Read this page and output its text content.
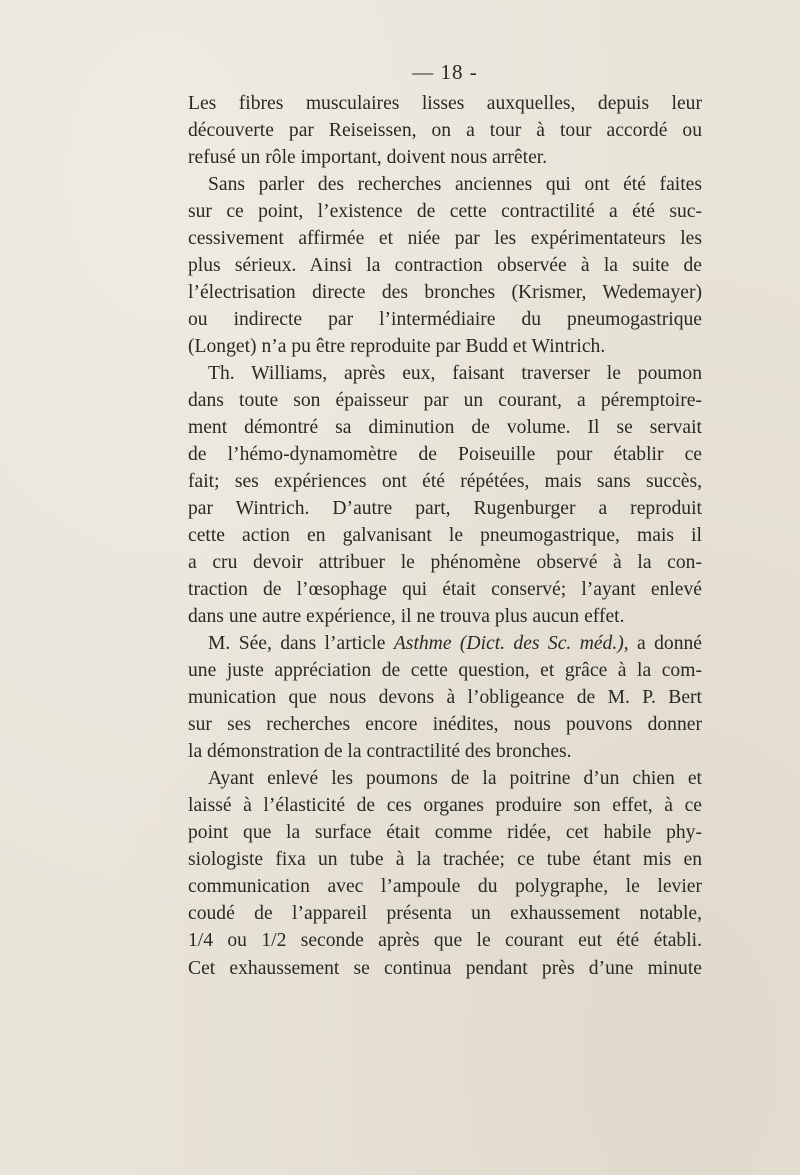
— 18 -
Les fibres musculaires lisses auxquelles, depuis leur
découverte par Reiseissen, on a tour à tour accordé ou
refusé un rôle important, doivent nous arrêter.
Sans parler des recherches anciennes qui ont été faites
sur ce point, l’existence de cette contractilité a été suc-
cessivement affirmée et niée par les expérimentateurs les
plus sérieux. Ainsi la contraction observée à la suite de
l’électrisation directe des bronches (Krismer, Wedemayer)
ou indirecte par l’intermédiaire du pneumogastrique
(Longet) n’a pu être reproduite par Budd et Wintrich.
Th. Williams, après eux, faisant traverser le poumon
dans toute son épaisseur par un courant, a péremptoire-
ment démontré sa diminution de volume. Il se servait
de l’hémo-dynamomètre de Poiseuille pour établir ce
fait; ses expériences ont été répétées, mais sans succès,
par Wintrich. D’autre part, Rugenburger a reproduit
cette action en galvanisant le pneumogastrique, mais il
a cru devoir attribuer le phénomène observé à la con-
traction de l’œsophage qui était conservé; l’ayant enlevé
dans une autre expérience, il ne trouva plus aucun effet.
M. Sée, dans l’article Asthme (Dict. des Sc. méd.), a donné
une juste appréciation de cette question, et grâce à la com-
munication que nous devons à l’obligeance de M. P. Bert
sur ses recherches encore inédites, nous pouvons donner
la démonstration de la contractilité des bronches.
Ayant enlevé les poumons de la poitrine d’un chien et
laissé à l’élasticité de ces organes produire son effet, à ce
point que la surface était comme ridée, cet habile phy-
siologiste fixa un tube à la trachée; ce tube étant mis en
communication avec l’ampoule du polygraphe, le levier
coudé de l’appareil présenta un exhaussement notable,
1/4 ou 1/2 seconde après que le courant eut été établi.
Cet exhaussement se continua pendant près d’une minute
